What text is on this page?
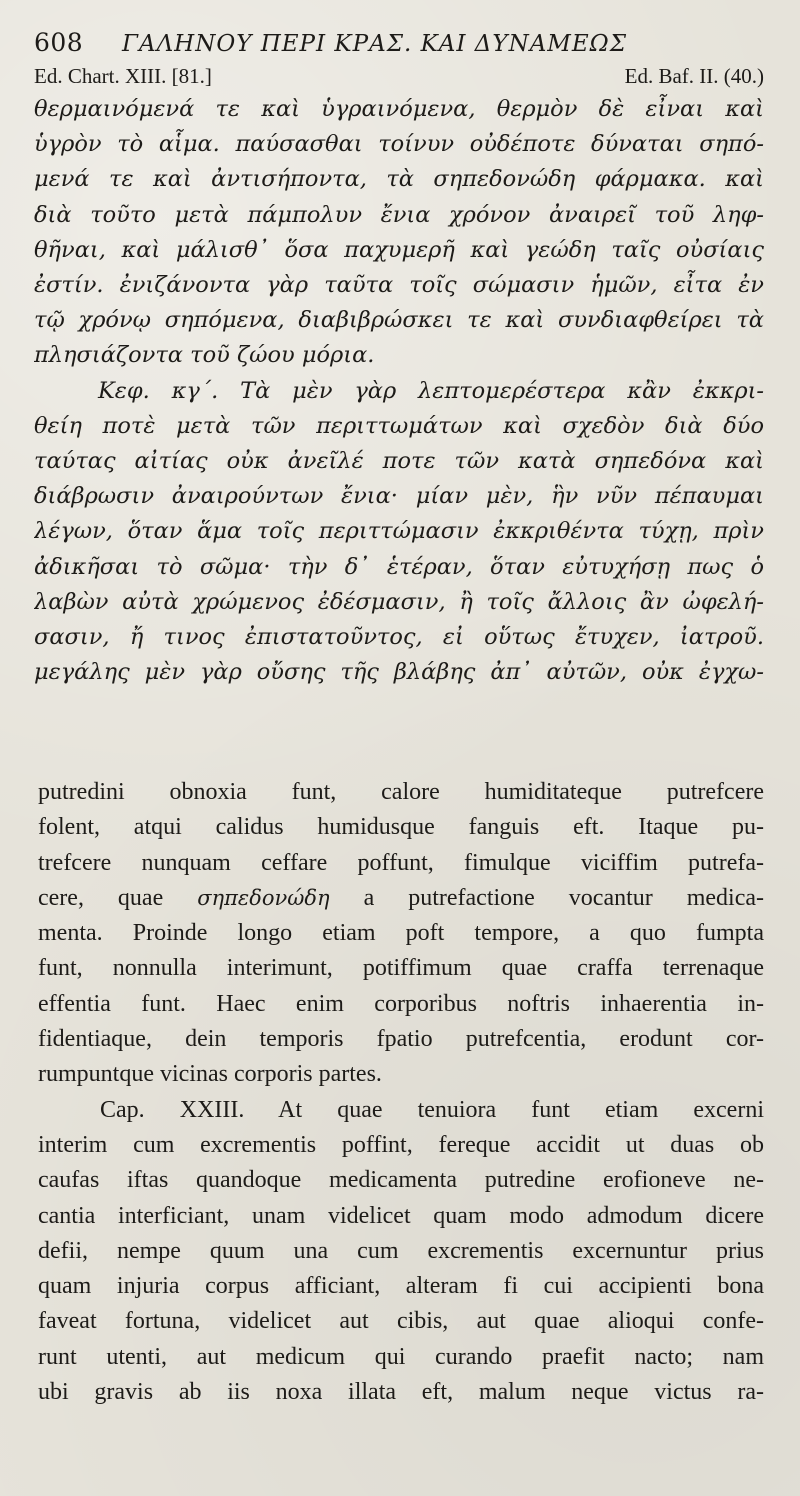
608	ΓΑΛΗΝΟΥ ΠΕΡΙ ΚΡΑΣ. ΚΑΙ ΔΥΝΑΜΕΩΣ
Ed. Chart. XIII. [81.]	Ed. Baf. II. (40.)
θερμαινόμενά τε καὶ ὑγραινόμενα, θερμὸν δὲ εἶναι καὶ
ὑγρὸν τὸ αἷμα. παύσασθαι τοίνυν οὐδέποτε δύναται σηπό-
μενά τε καὶ ἀντισήποντα, τὰ σηπεδονώδη φάρμακα. καὶ
διὰ τοῦτο μετὰ πάμπολυν ἔνια χρόνον ἀναιρεῖ τοῦ ληφ-
θῆναι, καὶ μάλισθ᾽ ὅσα παχυμερῆ καὶ γεώδη ταῖς οὐσίαις
ἐστίν. ἐνιζάνοντα γὰρ ταῦτα τοῖς σώμασιν ἡμῶν, εἶτα ἐν
τῷ χρόνῳ σηπόμενα, διαβιβρώσκει τε καὶ συνδιαφθείρει τὰ
πλησιάζοντα τοῦ ζώου μόρια.
Κεφ. κγ΄. Τὰ μὲν γὰρ λεπτομερέστερα κἂν ἐκκρι-
θείη ποτὲ μετὰ τῶν περιττωμάτων καὶ σχεδὸν διὰ δύο
ταύτας αἰτίας οὐκ ἀνεῖλέ ποτε τῶν κατὰ σηπεδόνα καὶ
διάβρωσιν ἀναιρούντων ἔνια· μίαν μὲν, ἣν νῦν πέπαυμαι
λέγων, ὅταν ἅμα τοῖς περιττώμασιν ἐκκριθέντα τύχῃ, πρὶν
ἀδικῆσαι τὸ σῶμα· τὴν δ᾽ ἑτέραν, ὅταν εὐτυχήσῃ πως ὁ
λαβὼν αὐτὰ χρώμενος ἐδέσμασιν, ἢ τοῖς ἄλλοις ἂν ὠφελή-
σασιν, ἤ τινος ἐπιστατοῦντος, εἰ οὕτως ἔτυχεν, ἰατροῦ.
μεγάλης μὲν γὰρ οὔσης τῆς βλάβης ἀπ᾽ αὐτῶν, οὐκ ἐγχω-
putredini obnoxia funt, calore humiditateque putrefcere
folent, atqui calidus humidusque fanguis eft. Itaque pu-
trefcere nunquam ceffare poffunt, fimulque viciffim putrefa-
cere, quae σηπεδονώδη a putrefactione vocantur medica-
menta. Proinde longo etiam poft tempore, a quo fumpta
funt, nonnulla interimunt, potiffimum quae craffa terrenaque
effentia funt. Haec enim corporibus noftris inhaerentia in-
fidentiaque, dein temporis fpatio putrefcentia, erodunt cor-
rumpuntque vicinas corporis partes.
Cap. XXIII. At quae tenuiora funt etiam excerni
interim cum excrementis poffint, fereque accidit ut duas ob
caufas iftas quandoque medicamenta putredine erofioneve ne-
cantia interficiant, unam videlicet quam modo admodum dicere
defii, nempe quum una cum excrementis excernuntur prius
quam injuria corpus afficiant, alteram fi cui accipienti bona
faveat fortuna, videlicet aut cibis, aut quae alioqui confe-
runt utenti, aut medicum qui curando praefit nacto; nam
ubi gravis ab iis noxa illata eft, malum neque victus ra-
